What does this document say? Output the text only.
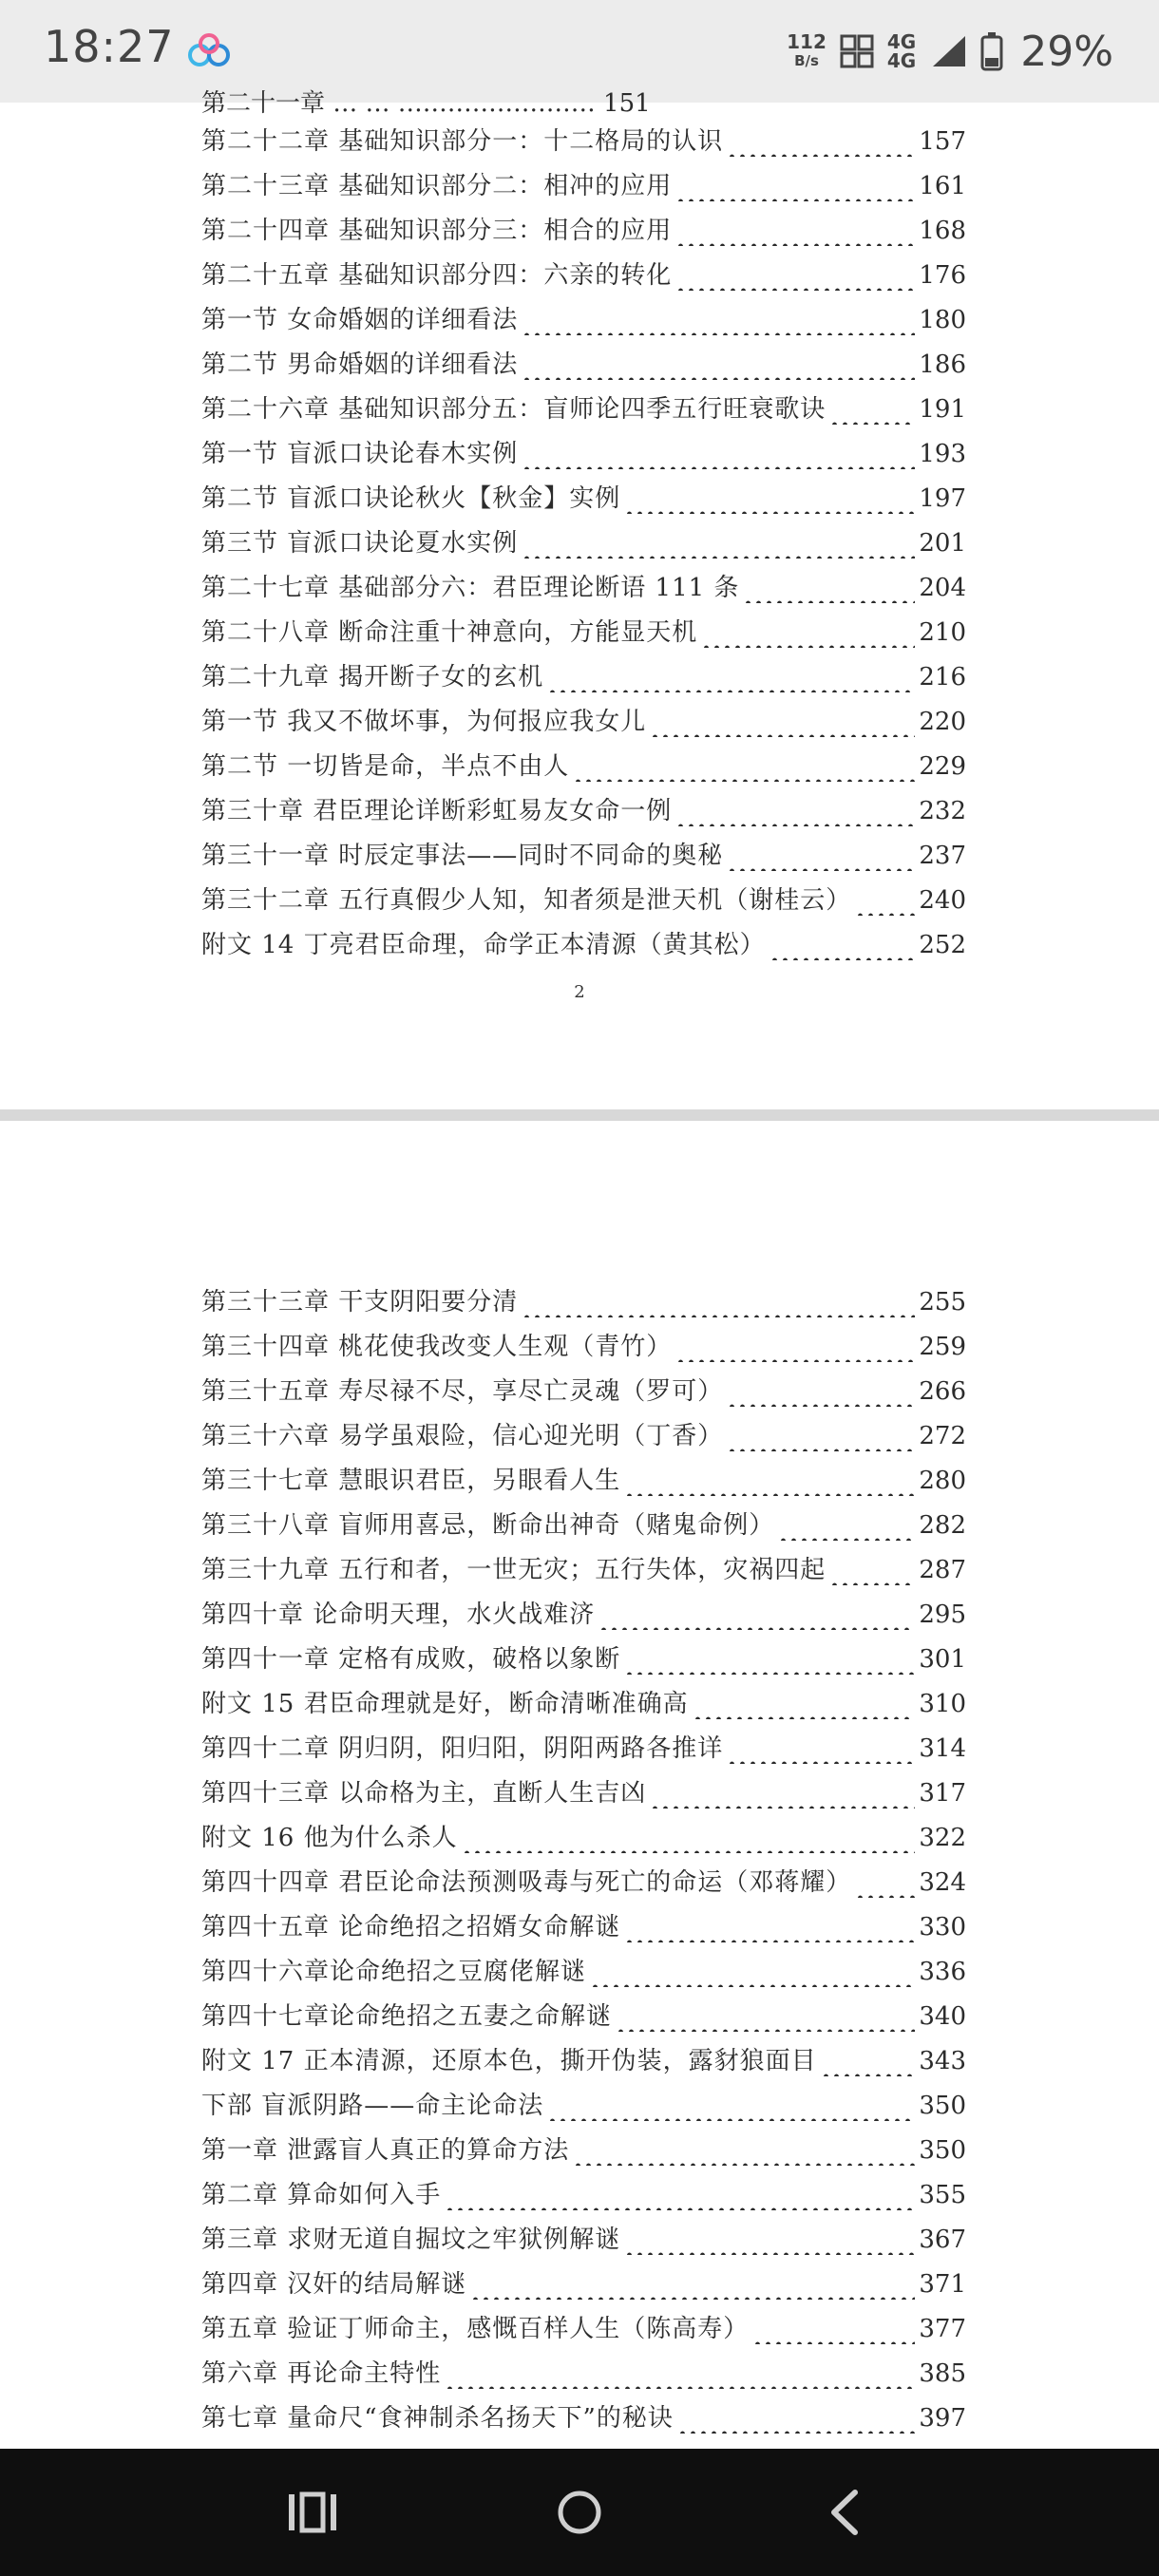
18:27	112
B/s
4G
4G	29%
第二十一章 … … …………………… 151
第二十二章 基础知识部分一：十二格局的认识	157
第二十三章 基础知识部分二：相冲的应用	161
第二十四章 基础知识部分三：相合的应用	168
第二十五章 基础知识部分四：六亲的转化	176
第一节 女命婚姻的详细看法	180
第二节 男命婚姻的详细看法	186
第二十六章 基础知识部分五：盲师论四季五行旺衰歌诀	191
第一节 盲派口诀论春木实例	193
第二节 盲派口诀论秋火【秋金】实例	197
第三节 盲派口诀论夏水实例	201
第二十七章 基础部分六：君臣理论断语 111 条	204
第二十八章 断命注重十神意向，方能显天机	210
第二十九章 揭开断子女的玄机	216
第一节 我又不做坏事，为何报应我女儿	220
第二节 一切皆是命，半点不由人	229
第三十章 君臣理论详断彩虹易友女命一例	232
第三十一章 时辰定事法——同时不同命的奥秘	237
第三十二章 五行真假少人知，知者须是泄天机（谢桂云）	240
附文 14 丁亮君臣命理，命学正本清源（黄其松）	252
2
第三十三章 干支阴阳要分清	255
第三十四章 桃花使我改变人生观（青竹）	259
第三十五章 寿尽禄不尽，享尽亡灵魂（罗可）	266
第三十六章 易学虽艰险，信心迎光明（丁香）	272
第三十七章 慧眼识君臣，另眼看人生	280
第三十八章 盲师用喜忌，断命出神奇（赌鬼命例）	282
第三十九章 五行和者，一世无灾；五行失体，灾祸四起	287
第四十章 论命明天理，水火战难济	295
第四十一章 定格有成败，破格以象断	301
附文 15 君臣命理就是好，断命清晰准确高	310
第四十二章 阴归阴，阳归阳，阴阳两路各推详	314
第四十三章 以命格为主，直断人生吉凶	317
附文 16 他为什么杀人	322
第四十四章 君臣论命法预测吸毒与死亡的命运（邓蒋耀）	324
第四十五章 论命绝招之招婿女命解谜	330
第四十六章论命绝招之豆腐佬解谜	336
第四十七章论命绝招之五妻之命解谜	340
附文 17 正本清源，还原本色，撕开伪装，露豺狼面目	343
下部 盲派阴路——命主论命法	350
第一章 泄露盲人真正的算命方法	350
第二章 算命如何入手	355
第三章 求财无道自掘坟之牢狱例解谜	367
第四章 汉奸的结局解谜	371
第五章 验证丁师命主，感慨百样人生（陈高寿）	377
第六章 再论命主特性	385
第七章 量命尺“食神制杀名扬天下”的秘诀	397
